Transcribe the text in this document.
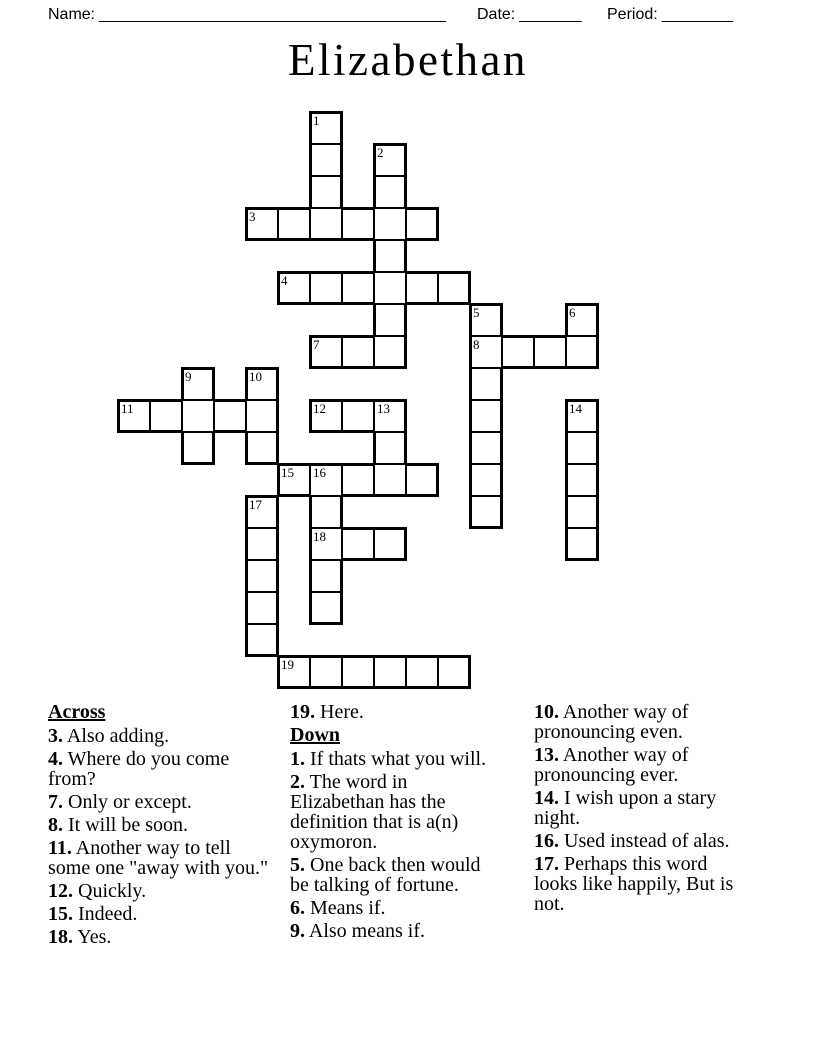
Name: _______________________________________ Date: _______ Period: ________
Elizabethan
1
2
3
4
5	6
7	8
9	10
11	12	13	14
15 16
17
18
19
Across
3. Also adding.
4. Where do you come from?
7. Only or except.
8. It will be soon.
11. Another way to tell some one "away with you."
12. Quickly.
15. Indeed.
18. Yes.
19. Here.
Down
1. If thats what you will.
2. The word in Elizabethan has the definition that is a(n) oxymoron.
5. One back then would be talking of fortune.
6. Means if.
9. Also means if.
10. Another way of pronouncing even.
13. Another way of pronouncing ever.
14. I wish upon a stary night.
16. Used instead of alas.
17. Perhaps this word looks like happily, But is not.
